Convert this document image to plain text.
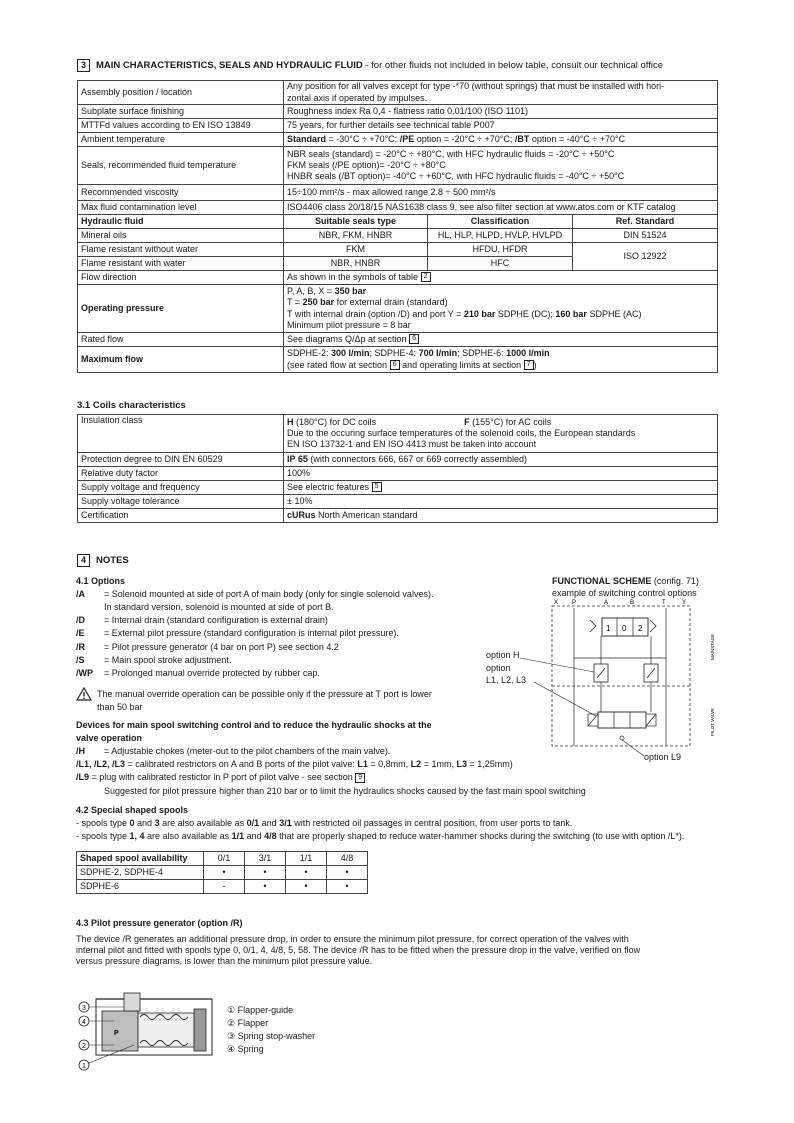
3 MAIN CHARACTERISTICS, SEALS AND HYDRAULIC FLUID - for other fluids not included in below table, consult our technical office
Assembly position / location	Any position for all valves except for type -*70 (without springs) that must be installed with hori-
zontal axis if operated by impulses.		
Subplate surface finishing	Roughness index Ra 0,4 - flatness ratio 0,01/100 (ISO 1101)		
MTTFd values according to EN ISO 13849	75 years, for further details see technical table P007		
Ambient temperature	Standard = -30°C ÷ +70°C; /PE option = -20°C ÷ +70°C; /BT option = -40°C ÷ +70°C		
Seals, recommended fluid temperature	NBR seals (standard) = -20°C ÷ +80°C, with HFC hydraulic fluids = -20°C ÷ +50°C
FKM seals (/PE option)= -20°C ÷ +80°C
HNBR seals (/BT option)= -40°C ÷ +60°C, with HFC hydraulic fluids = -40°C ÷ +50°C		
Recommended viscosity	15÷100 mm²/s - max allowed range 2.8 ÷ 500 mm²/s		
Max fluid contamination level	ISO4406 class 20/18/15 NAS1638 class 9, see also filter section at www.atos.com or KTF catalog		
Hydraulic fluid	Suitable seals type	Classification	Ref. Standard
Mineral oils	NBR, FKM, HNBR	HL, HLP, HLPD, HVLP, HVLPD	DIN 51524
Flame resistant without water	FKM	HFDU, HFDR	ISO 12922
Flame resistant with water	NBR, HNBR	HFC	
Flow direction	As shown in the symbols of table 2		
Operating pressure	P, A, B, X = 350 bar
T = 250 bar for external drain (standard)
T with internal drain (option /D) and port Y = 210 bar SDPHE (DC); 160 bar SDPHE (AC)
Minimum pilot pressure = 8 bar		
Rated flow	See diagrams Q/Δp at section 6		
Maximum flow	SDPHE-2: 300 l/min; SDPHE-4: 700 l/min; SDPHE-6: 1000 l/min
(see rated flow at section 6 and operating limits at section 7 )		
3.1 Coils characteristics
Insulation class	H (180°C) for DC coils F (155°C) for AC coils
Due to the occuring surface temperatures of the solenoid coils, the European standards
EN ISO 13732-1 and EN ISO 4413 must be taken into account
Protection degree to DIN EN 60529	IP 65 (with connectors 666, 667 or 669 correctly assembled)
Relative duty factor	100%
Supply voltage and frequency	See electric features 5
Supply voltage tolerance	± 10%
Certification	cURus North American standard
4 NOTES
4.1 Options
/A = Solenoid mounted at side of port A of main body (only for single solenoid valves).
In standard version, solenoid is mounted at side of port B.
/D = Internal drain (standard configuration is external drain)
/E = External pilot pressure (standard configuration is internal pilot pressure).
/R = Pilot pressure generator (4 bar on port P) see section 4.2
/S = Main spool stroke adjustment.
/WP = Prolonged manual override protected by rubber cap.
The manual override operation can be possible only if the pressure at T port is lower
than 50 bar
Devices for main spool switching control and to reduce the hydraulic shocks at the
valve operation
/H = Adjustable chokes (meter-out to the pilot chambers of the main valve).
/L1, /L2, /L3 = calibrated restrictors on A and B ports of the pilot valve: L1 = 0,8mm, L2 = 1mm, L3 = 1,25mm)
/L9 = plug with calibrated restictor in P port of pilot valve - see section 9
Suggested for pilot pressure higher than 210 bar or to limit the hydraulics shocks caused by the fast main spool switching
4.2 Special shaped spools
- spools type 0 and 3 are also available as 0/1 and 3/1 with restricted oil passages in central position, from user ports to tank.
- spools type 1, 4 are also available as 1/1 and 4/8 that are properly shaped to reduce water-hammer shocks during the switching (to use with option /L*).
Shaped spool availability	0/1	3/1	1/1	4/8
SDPHE-2, SDPHE-4	•	•	•	•
SDPHE-6	-	•	•	•
4.3 Pilot pressure generator (option /R)
The device /R generates an additional pressure drop, in order to ensure the minimum pilot pressure, for correct operation of the valves with
internal pilot and fitted with spools type 0, 0/1, 4, 4/8, 5, 58. The device /R has to be fitted when the pressure drop in the valve, verified on flow
versus pressure diagrams, is lower than the minimum pilot pressure value.
P
3
4
2
1
① Flapper-guide
② Flapper
③ Spring stop-washer
④ Spring
FUNCTIONAL SCHEME (config. 71)
example of switching control options
option H
option
L1, L2, L3
option L9
X P	A	B	T	Y
1 0 2
MAINSTAGE
PILOT VALVE
